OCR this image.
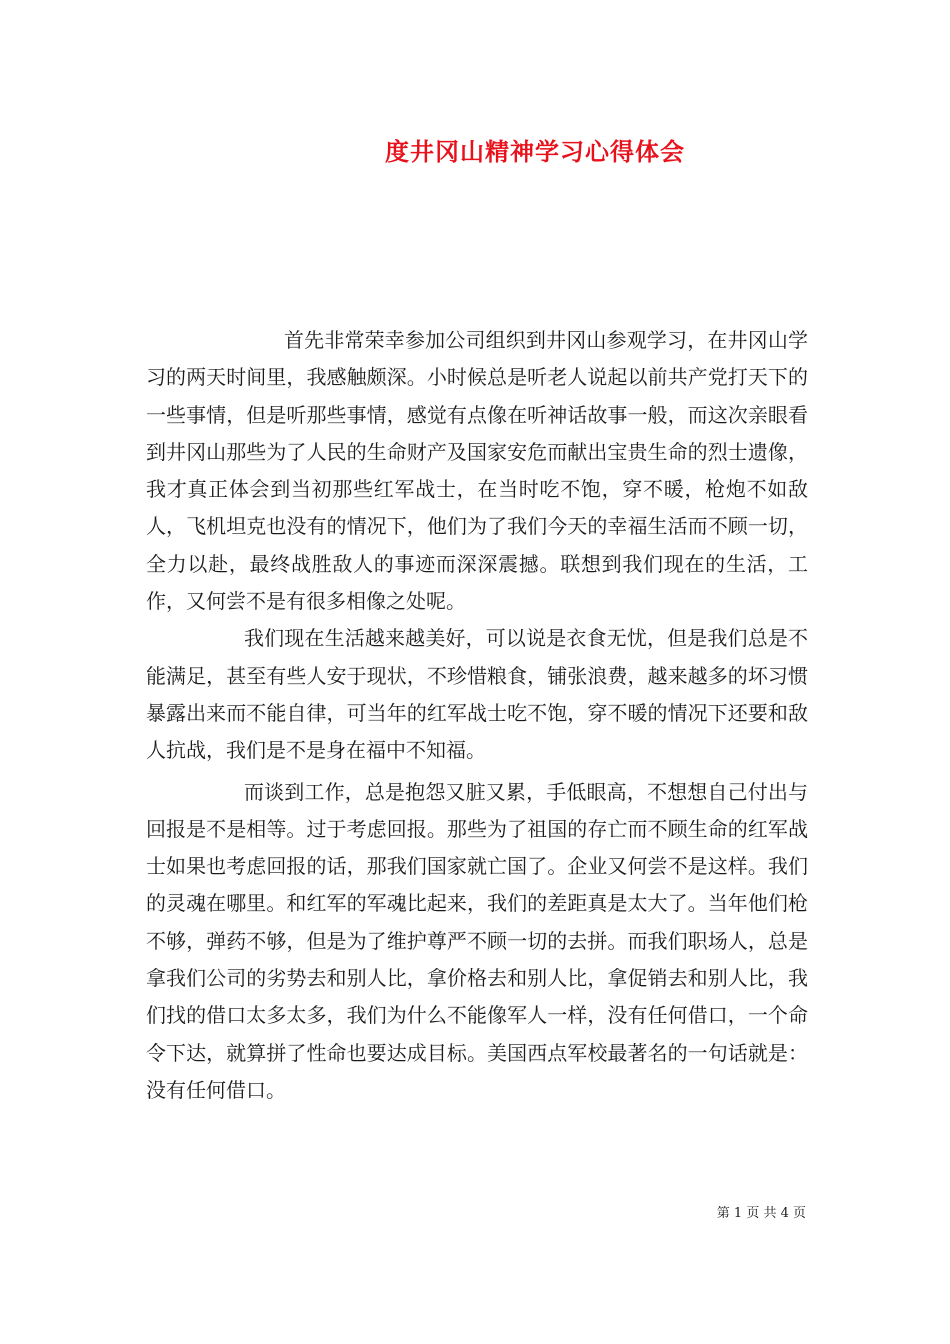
度井冈山精神学习心得体会

首先非常荣幸参加公司组织到井冈山参观学习，在井冈山学习的两天时间里，我感触颇深。小时候总是听老人说起以前共产党打天下的一些事情，但是听那些事情，感觉有点像在听神话故事一般，而这次亲眼看到井冈山那些为了人民的生命财产及国家安危而献出宝贵生命的烈士遗像，我才真正体会到当初那些红军战士，在当时吃不饱，穿不暖，枪炮不如敌人，飞机坦克也没有的情况下，他们为了我们今天的幸福生活而不顾一切，全力以赴，最终战胜敌人的事迹而深深震撼。联想到我们现在的生活，工作，又何尝不是有很多相像之处呢。

我们现在生活越来越美好，可以说是衣食无忧，但是我们总是不能满足，甚至有些人安于现状，不珍惜粮食，铺张浪费，越来越多的坏习惯暴露出来而不能自律，可当年的红军战士吃不饱，穿不暖的情况下还要和敌人抗战，我们是不是身在福中不知福。

而谈到工作，总是抱怨又脏又累，手低眼高，不想想自己付出与回报是不是相等。过于考虑回报。那些为了祖国的存亡而不顾生命的红军战士如果也考虑回报的话，那我们国家就亡国了。企业又何尝不是这样。我们的灵魂在哪里。和红军的军魂比起来，我们的差距真是太大了。当年他们枪不够，弹药不够，但是为了维护尊严不顾一切的去拼。而我们职场人，总是拿我们公司的劣势去和别人比，拿价格去和别人比，拿促销去和别人比，我们找的借口太多太多，我们为什么不能像军人一样，没有任何借口，一个命令下达，就算拼了性命也要达成目标。美国西点军校最著名的一句话就是：没有任何借口。

第 1 页 共 4 页
